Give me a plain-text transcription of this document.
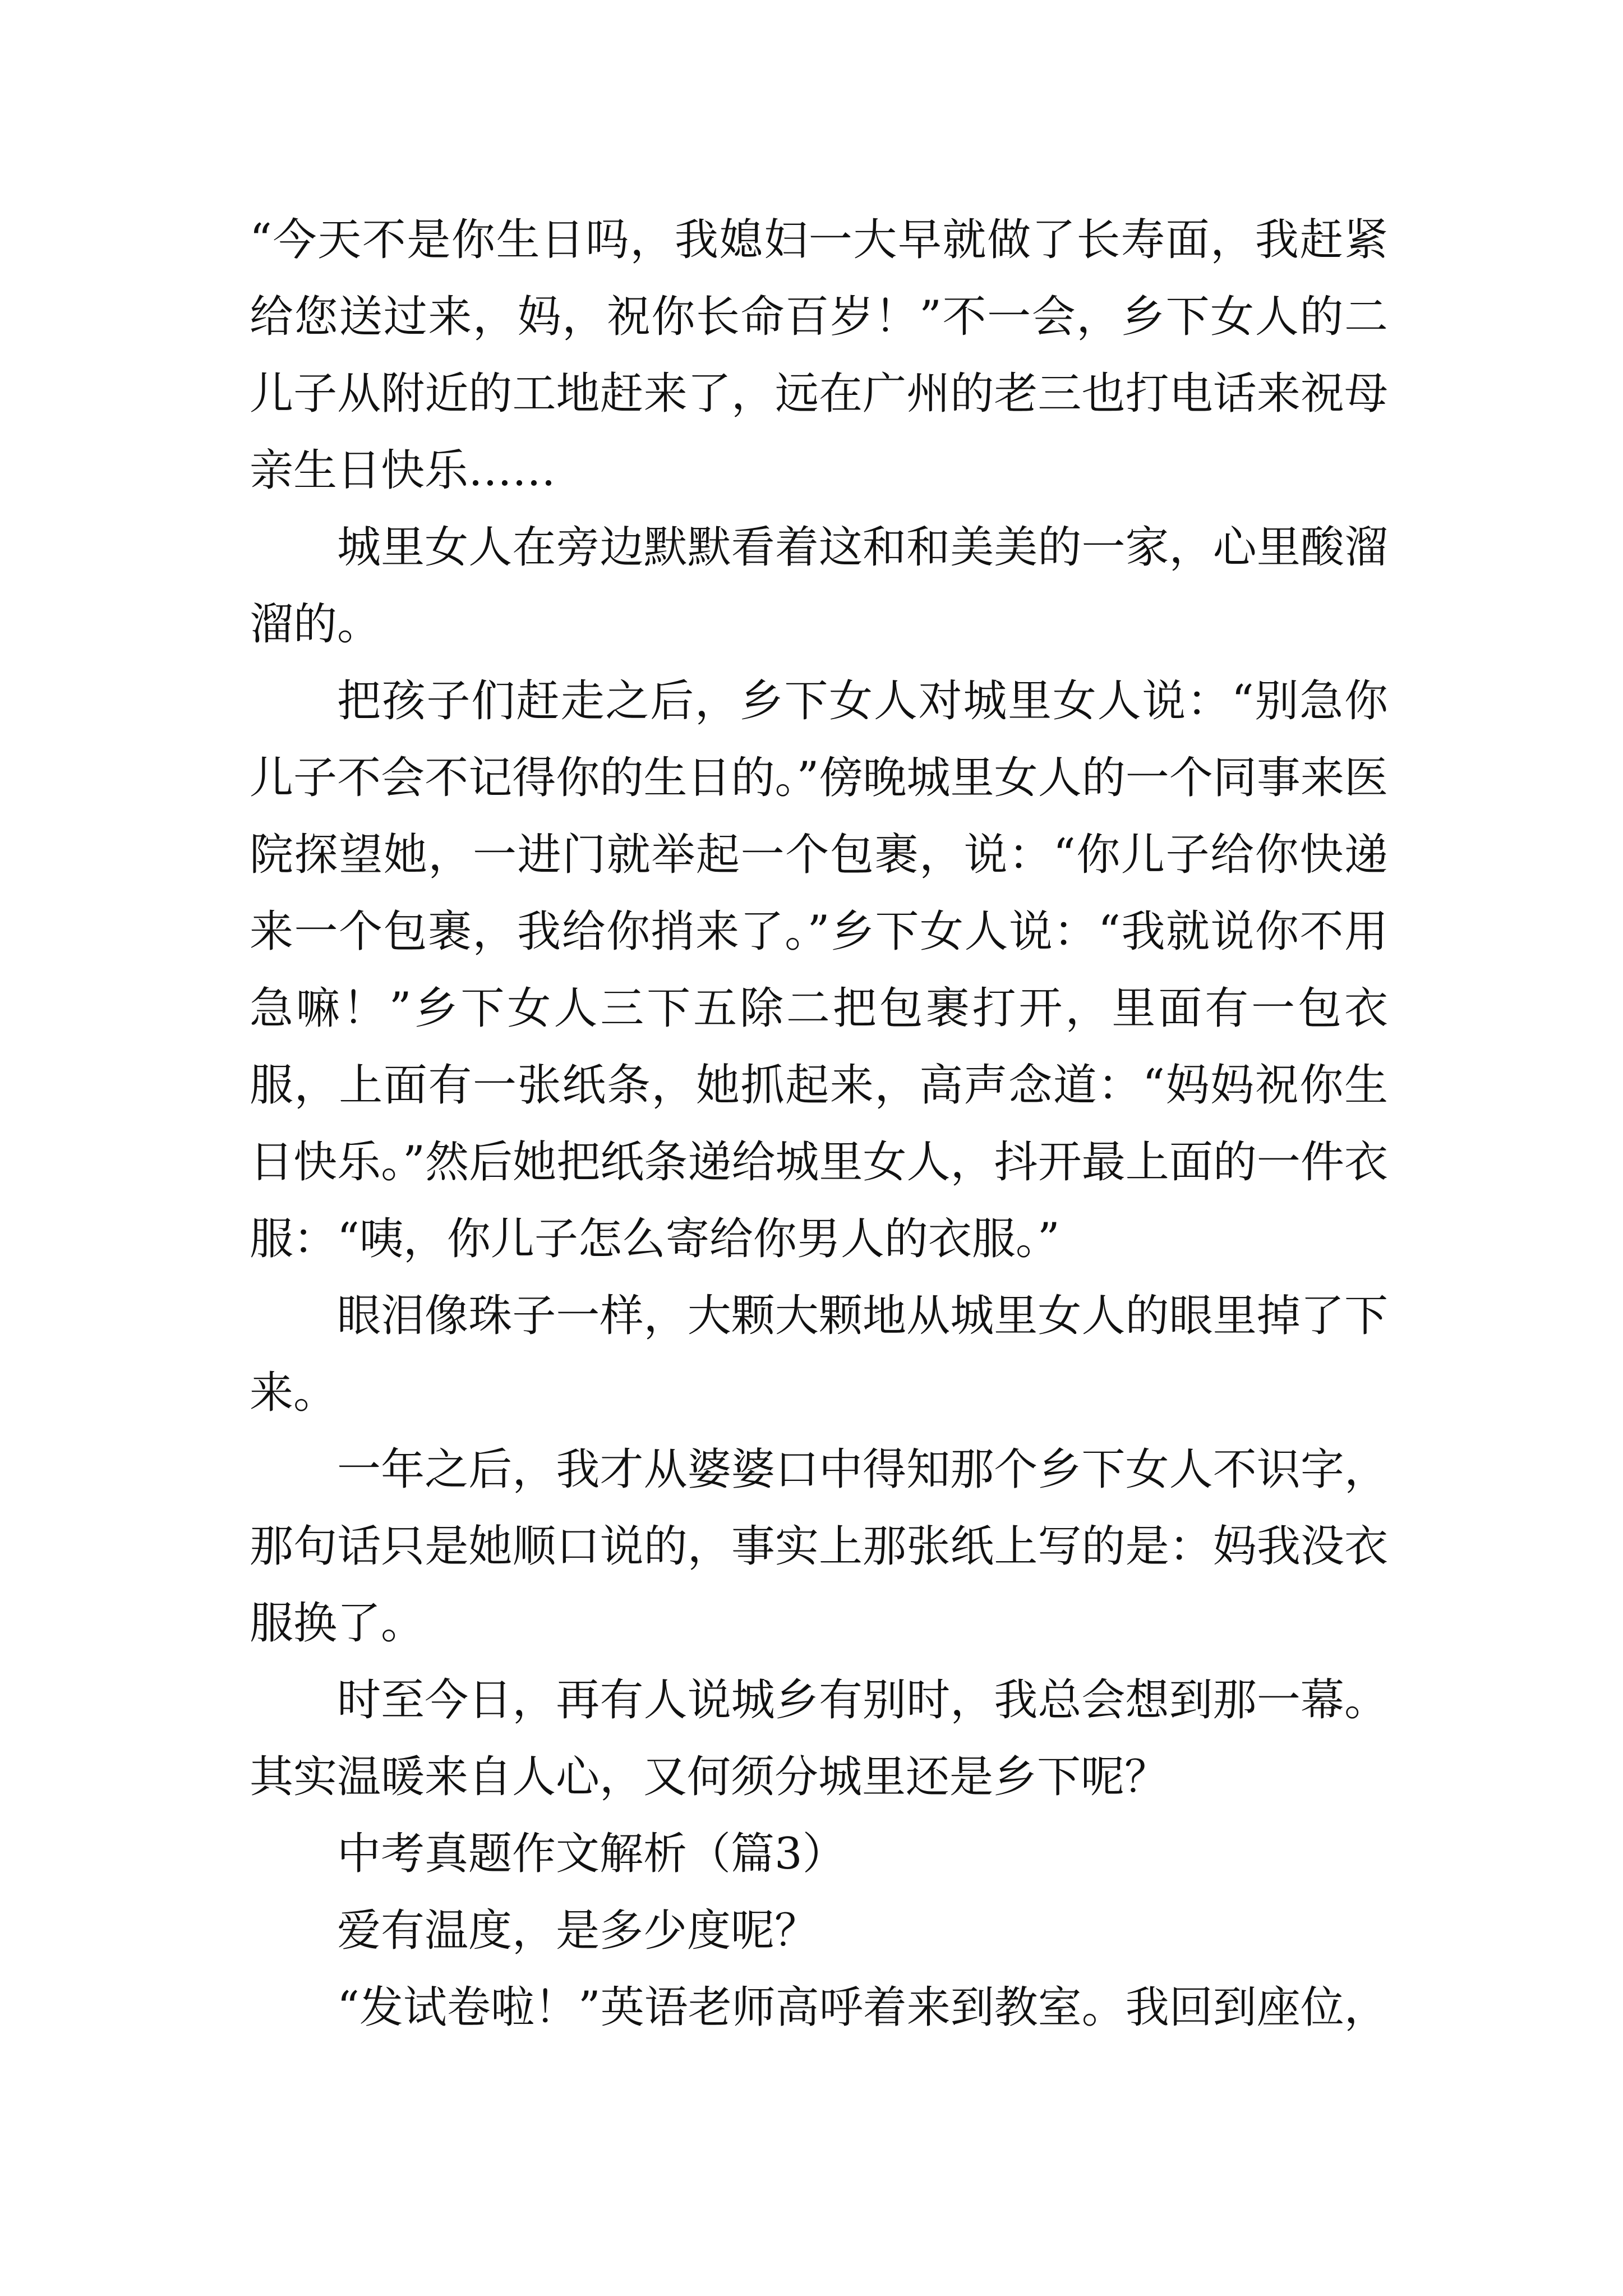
“今天不是你生日吗，我媳妇一大早就做了长寿面，我赶紧给您送过来，妈，祝你长命百岁！”不一会，乡下女人的二儿子从附近的工地赶来了，远在广州的老三也打电话来祝母亲生日快乐……

城里女人在旁边默默看着这和和美美的一家，心里酸溜溜的。

把孩子们赶走之后，乡下女人对城里女人说：“别急你儿子不会不记得你的生日的。”傍晚城里女人的一个同事来医院探望她，一进门就举起一个包裹，说：“你儿子给你快递来一个包裹，我给你捎来了。”乡下女人说：“我就说你不用急嘛！”乡下女人三下五除二把包裹打开，里面有一包衣服，上面有一张纸条，她抓起来，高声念道：“妈妈祝你生日快乐。”然后她把纸条递给城里女人，抖开最上面的一件衣服：“咦，你儿子怎么寄给你男人的衣服。”

眼泪像珠子一样，大颗大颗地从城里女人的眼里掉了下来。

一年之后，我才从婆婆口中得知那个乡下女人不识字，那句话只是她顺口说的，事实上那张纸上写的是：妈我没衣服换了。

时至今日，再有人说城乡有别时，我总会想到那一幕。其实温暖来自人心，又何须分城里还是乡下呢？

中考真题作文解析（篇3）

爱有温度，是多少度呢？

“发试卷啦！”英语老师高呼着来到教室。我回到座位，
